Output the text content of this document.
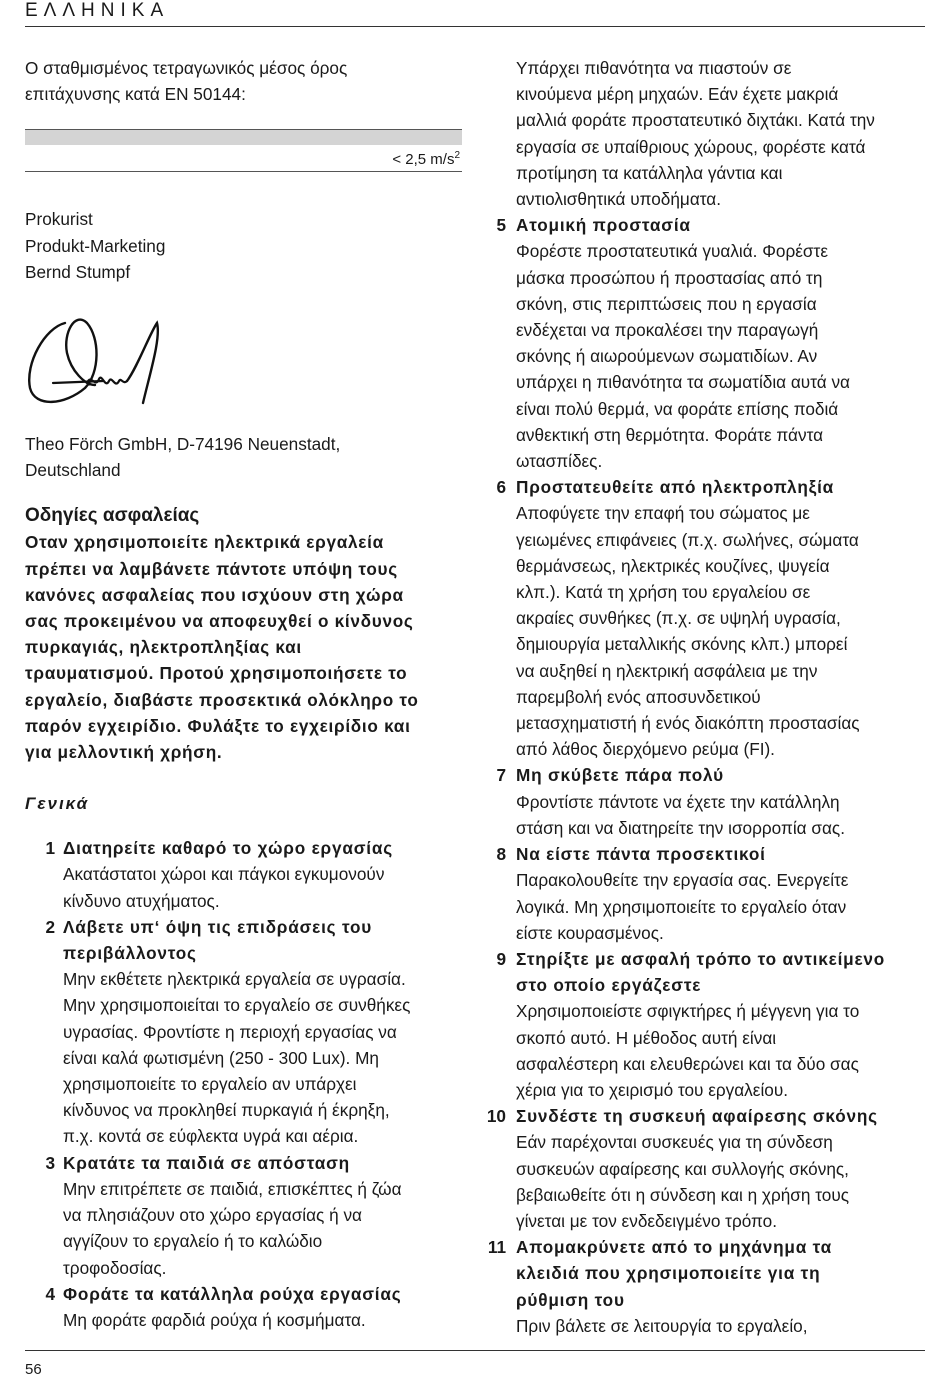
ΕΛΛΗΝΙΚΑ

Ο σταθμισμένος τετραγωνικός μέσος όρος

επιτάχυνσης κατά EN 50144:

< 2,5 $m/s^2$

Prokurist

Produkt-Marketing

Bernd Stumpf

Theo Förch GmbH, D-74196 Neuenstadt,

Deutschland

Οδηγίες ασφαλείας

Οταν χρησιμοποιείτε ηλεκτρικά εργαλεία

πρέπει να λαμβάνετε πάντοτε υπόψη τους

κανόνες ασφαλείας που ισχύουν στη χώρα

σας προκειμένου να αποφευχθεί ο κίνδυνος

πυρκαγιάς, ηλεκτροπληξίας και

τραυματισμού. Προτού χρησιμοποιήσετε το

εργαλείο, διαβάστε προσεκτικά ολόκληρο το

παρόν εγχειρίδιο. Φυλάξτε το εγχειρίδιο και

για μελλοντική χρήση.

Γενικά
1 Διατηρείτε καθαρό το χώρο εργασίας
Ακατάστατοι χώροι και πάγκοι εγκυμονούν
κίνδυνο ατυχήματος.
2 Λάβετε υπ‘ όψη τις επιδράσεις του
περιβάλλοντος
Μην εκθέτετε ηλεκτρικά εργαλεία σε υγρασία.
Μην χρησιμοποιείται το εργαλείο σε συνθήκες
υγρασίας. Φροντίστε η περιοχή εργασίας να
είναι καλά φωτισμένη (250 - 300 Lux). Μη
χρησιμοποιείτε το εργαλείο αν υπάρχει
κίνδυνος να προκληθεί πυρκαγιά ή έκρηξη,
π.χ. κοντά σε εύφλεκτα υγρά και αέρια.
3 Κρατάτε τα παιδιά σε απόσταση
Μην επιτρέπετε σε παιδιά, επισκέπτες ή ζώα
να πλησιάζουν οτο χώρο εργασίας ή να
αγγίζουν το εργαλείο ή το καλώδιο
τροφοδοσίας.
4 Φοράτε τα κατάλληλα ρούχα εργασίας
Μη φοράτε φαρδιά ρούχα ή κοσμήματα.
Υπάρχει πιθανότητα να πιαστούν σε
κινούμενα μέρη μηχαών. Εάν έχετε μακριά
μαλλιά φοράτε προστατευτικό διχτάκι. Κατά την
εργασία σε υπαίθριους χώρους, φορέστε κατά
προτίμηση τα κατάλληλα γάντια και
αντιολισθητικά υποδήματα.
5 Ατομική προστασία
Φορέστε προστατευτικά γυαλιά. Φορέστε
μάσκα προσώπου ή προστασίας από τη
σκόνη, στις περιπτώσεις που η εργασία
ενδέχεται να προκαλέσει την παραγωγή
σκόνης ή αιωρούμενων σωματιδίων. Αν
υπάρχει η πιθανότητα τα σωματίδια αυτά να
είναι πολύ θερμά, να φοράτε επίσης ποδιά
ανθεκτική στη θερμότητα. Φοράτε πάντα
ωτασπίδες.
6 Προστατευθείτε από ηλεκτροπληξία
Αποφύγετε την επαφή του σώματος με
γειωμένες επιφάνειες (π.χ. σωλήνες, σώματα
θερμάνσεως, ηλεκτρικές κουζίνες, ψυγεία
κλπ.). Κατά τη χρήση του εργαλείου σε
ακραίες συνθήκες (π.χ. σε υψηλή υγρασία,
δημιουργία μεταλλικής σκόνης κλπ.) μπορεί
να αυξηθεί η ηλεκτρική ασφάλεια με την
παρεμβολή ενός αποσυνδετικού
μετασχηματιστή ή ενός διακόπτη προστασίας
από λάθος διερχόμενο ρεύμα (FI).
7 Μη σκύβετε πάρα πολύ
Φροντίστε πάντοτε να έχετε την κατάλληλη
στάση και να διατηρείτε την ισορροπία σας.
8 Να είστε πάντα προσεκτικοί
Παρακολουθείτε την εργασία σας. Ενεργείτε
λογικά. Μη χρησιμοποιείτε το εργαλείο όταν
είστε κουρασμένος.
9 Στηρίξτε με ασφαλή τρόπο το αντικείμενο
στο οποίο εργάζεστε
Χρησιμοποιείστε σφιγκτήρες ή μέγγενη για το
σκοπό αυτό. Η μέθοδος αυτή είναι
ασφαλέστερη και ελευθερώνει και τα δύο σας
χέρια για το χειρισμό του εργαλείου.
10 Συνδέστε τη συσκευή αφαίρεσης σκόνης
Εάν παρέχονται συσκευές για τη σύνδεση
συσκευών αφαίρεσης και συλλογής σκόνης,
βεβαιωθείτε ότι η σύνδεση και η χρήση τους
γίνεται με τον ενδεδειγμένο τρόπο.
11 Απομακρύνετε από το μηχάνημα τα
κλειδιά που χρησιμοποιείτε για τη
ρύθμιση του
Πριν βάλετε σε λειτουργία το εργαλείο,
56
